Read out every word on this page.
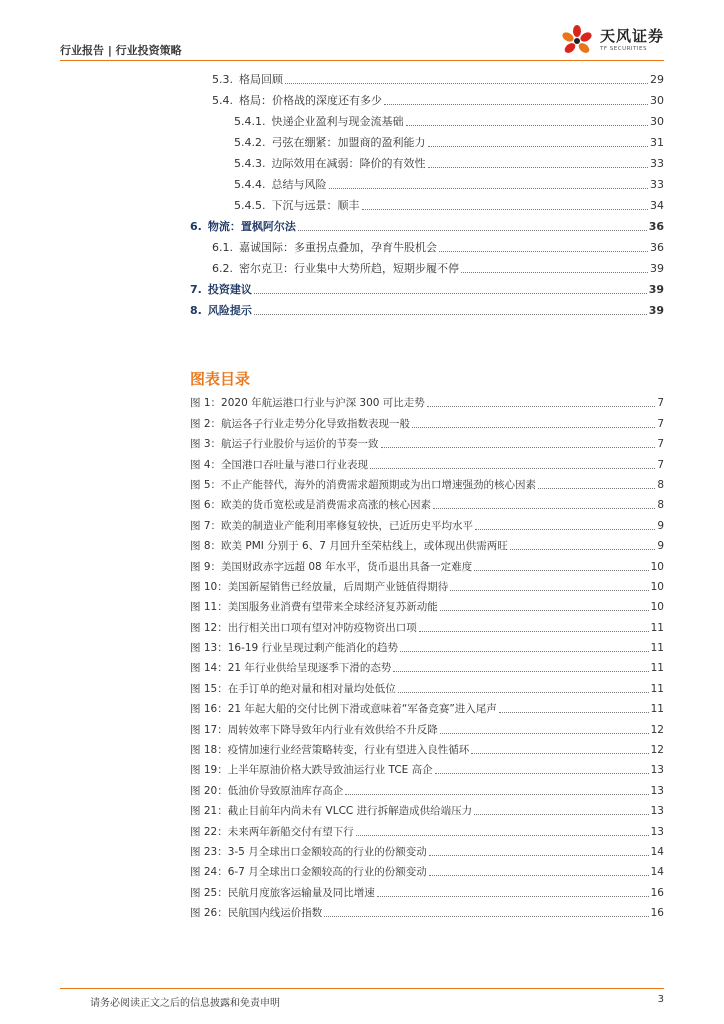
行业报告 | 行业投资策略
天风证券
TF SECURITIES
5.3. 格局回顾	29
5.4. 格局：价格战的深度还有多少	30
5.4.1. 快递企业盈利与现金流基础	30
5.4.2. 弓弦在绷紧：加盟商的盈利能力	31
5.4.3. 边际效用在减弱：降价的有效性	33
5.4.4. 总结与风险	33
5.4.5. 下沉与远景：顺丰	34
6. 物流：置枫阿尔法	36
6.1. 嘉诚国际：多重拐点叠加，孕育牛股机会	36
6.2. 密尔克卫：行业集中大势所趋，短期步履不停	39
7. 投资建议	39
8. 风险提示	39
图表目录
图 1： 2020 年航运港口行业与沪深 300 可比走势	7
图 2： 航运各子行业走势分化导致指数表现一般	7
图 3： 航运子行业股价与运价的节奏一致	7
图 4： 全国港口吞吐量与港口行业表现	7
图 5： 不止产能替代，海外的消费需求超预期或为出口增速强劲的核心因素	8
图 6： 欧美的货币宽松或是消费需求高涨的核心因素	8
图 7： 欧美的制造业产能利用率修复较快，已近历史平均水平	9
图 8： 欧美 PMI 分别于 6、7 月回升至荣枯线上，或体现出供需两旺	9
图 9： 美国财政赤字远超 08 年水平，货币退出具备一定难度	10
图 10： 美国新屋销售已经放量，后周期产业链值得期待	10
图 11： 美国服务业消费有望带来全球经济复苏新动能	10
图 12： 出行相关出口项有望对冲防疫物资出口项	11
图 13： 16-19 行业呈现过剩产能消化的趋势	11
图 14： 21 年行业供给呈现逐季下滑的态势	11
图 15： 在手订单的绝对量和相对量均处低位	11
图 16： 21 年起大船的交付比例下滑或意味着“军备竞赛”进入尾声	11
图 17： 周转效率下降导致年内行业有效供给不升反降	12
图 18： 疫情加速行业经营策略转变，行业有望进入良性循环	12
图 19： 上半年原油价格大跌导致油运行业 TCE 高企	13
图 20： 低油价导致原油库存高企	13
图 21： 截止目前年内尚未有 VLCC 进行拆解造成供给端压力	13
图 22： 未来两年新船交付有望下行	13
图 23： 3-5 月全球出口金额较高的行业的份额变动	14
图 24： 6-7 月全球出口金额较高的行业的份额变动	14
图 25： 民航月度旅客运输量及同比增速	16
图 26： 民航国内线运价指数	16
请务必阅读正文之后的信息披露和免责申明	3
